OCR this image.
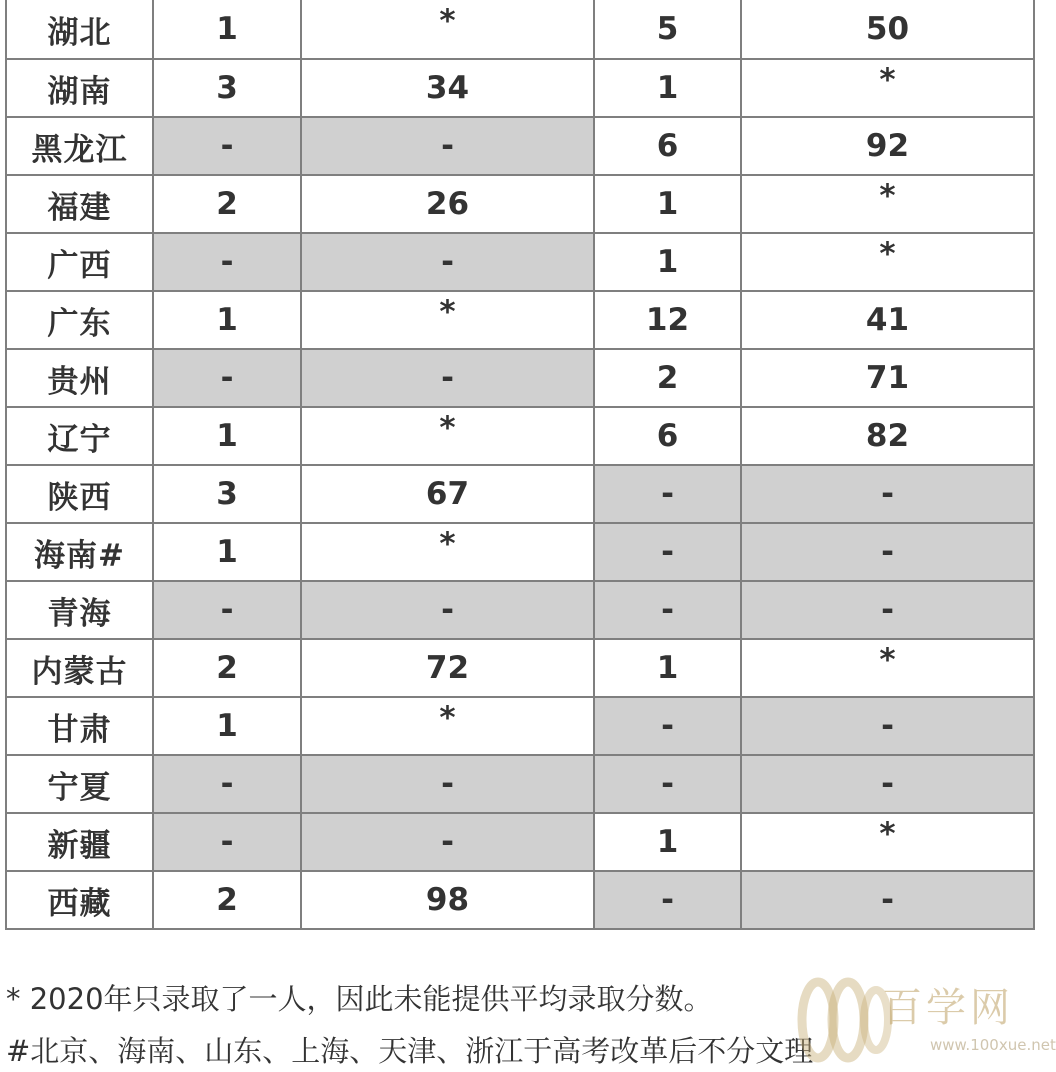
湖北	1	*	5	50
湖南	3	34	1	*
黑龙江	-	-	6	92
福建	2	26	1	*
广西	-	-	1	*
广东	1	*	12	41
贵州	-	-	2	71
辽宁	1	*	6	82
陕西	3	67	-	-
海南#	1	*	-	-
青海	-	-	-	-
内蒙古	2	72	1	*
甘肃	1	*	-	-
宁夏	-	-	-	-
新疆	-	-	1	*
西藏	2	98	-	-
* 2020年只录取了一人，因此未能提供平均录取分数。
#北京、海南、山东、上海、天津、浙江于高考改革后不分文理
百学网
www.100xue.net
